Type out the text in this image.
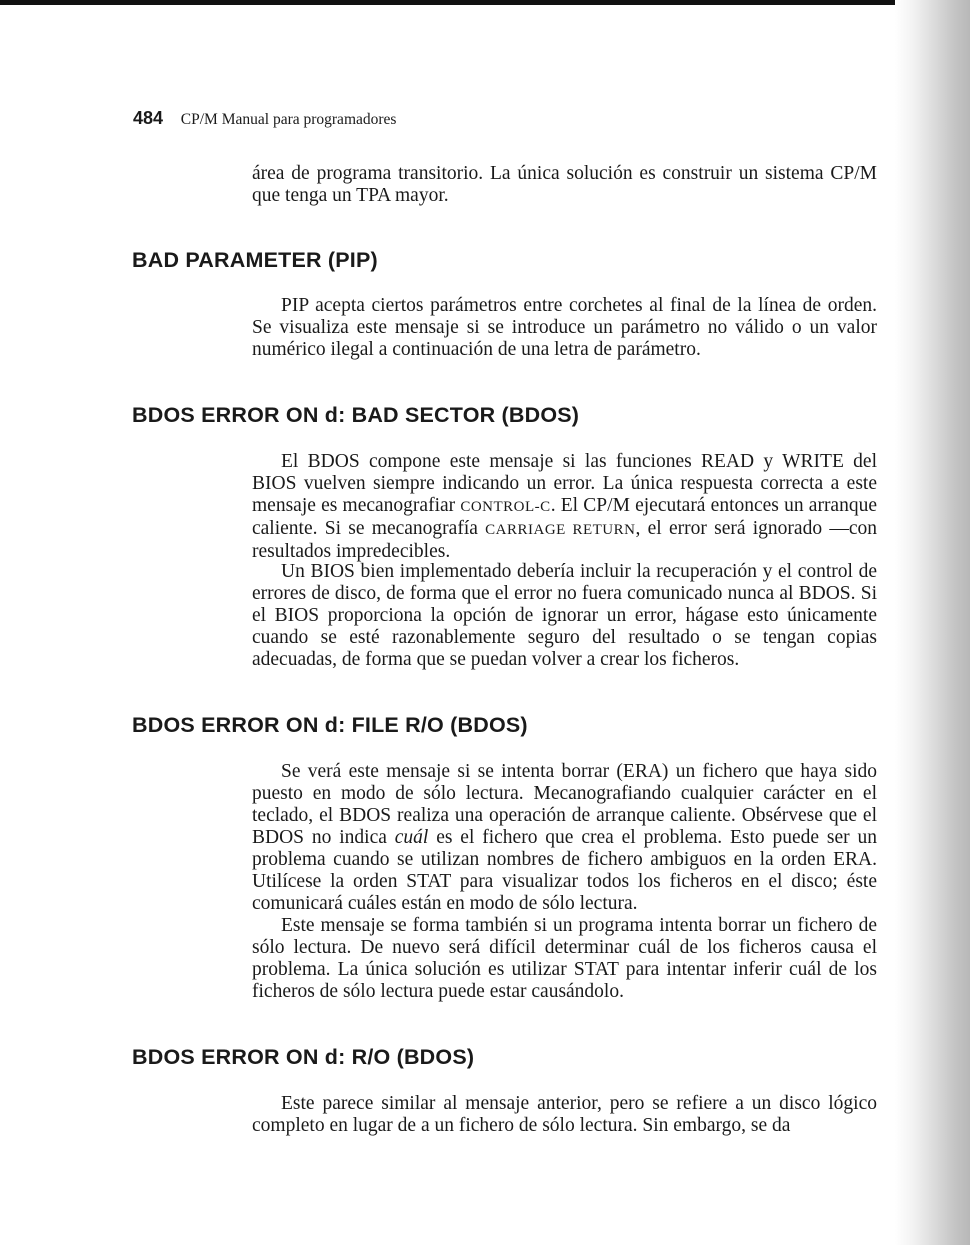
484 CP/M Manual para programadores

área de programa transitorio. La única solución es construir un sistema CP/M que tenga un TPA mayor.

BAD PARAMETER (PIP)

PIP acepta ciertos parámetros entre corchetes al final de la línea de orden. Se visualiza este mensaje si se introduce un parámetro no válido o un valor numérico ilegal a continuación de una letra de parámetro.

BDOS ERROR ON d: BAD SECTOR (BDOS)

El BDOS compone este mensaje si las funciones READ y WRITE del BIOS vuelven siempre indicando un error. La única respuesta correcta a este mensaje es mecanografiar CONTROL-C. El CP/M ejecutará entonces un arranque caliente. Si se mecanografía CARRIAGE RETURN, el error será ignorado —con resultados impredecibles.

Un BIOS bien implementado debería incluir la recuperación y el control de errores de disco, de forma que el error no fuera comunicado nunca al BDOS. Si el BIOS proporciona la opción de ignorar un error, hágase esto únicamente cuando se esté razonablemente seguro del resultado o se tengan copias adecuadas, de forma que se puedan volver a crear los ficheros.

BDOS ERROR ON d: FILE R/O (BDOS)

Se verá este mensaje si se intenta borrar (ERA) un fichero que haya sido puesto en modo de sólo lectura. Mecanografiando cualquier carácter en el teclado, el BDOS realiza una operación de arranque caliente. Obsérvese que el BDOS no indica cuál es el fichero que crea el problema. Esto puede ser un problema cuando se utilizan nombres de fichero ambiguos en la orden ERA. Utilícese la orden STAT para visualizar todos los ficheros en el disco; éste comunicará cuáles están en modo de sólo lectura.

Este mensaje se forma también si un programa intenta borrar un fichero de sólo lectura. De nuevo será difícil determinar cuál de los ficheros causa el problema. La única solución es utilizar STAT para intentar inferir cuál de los ficheros de sólo lectura puede estar causándolo.

BDOS ERROR ON d: R/O (BDOS)

Este parece similar al mensaje anterior, pero se refiere a un disco lógico completo en lugar de a un fichero de sólo lectura. Sin embargo, se da
